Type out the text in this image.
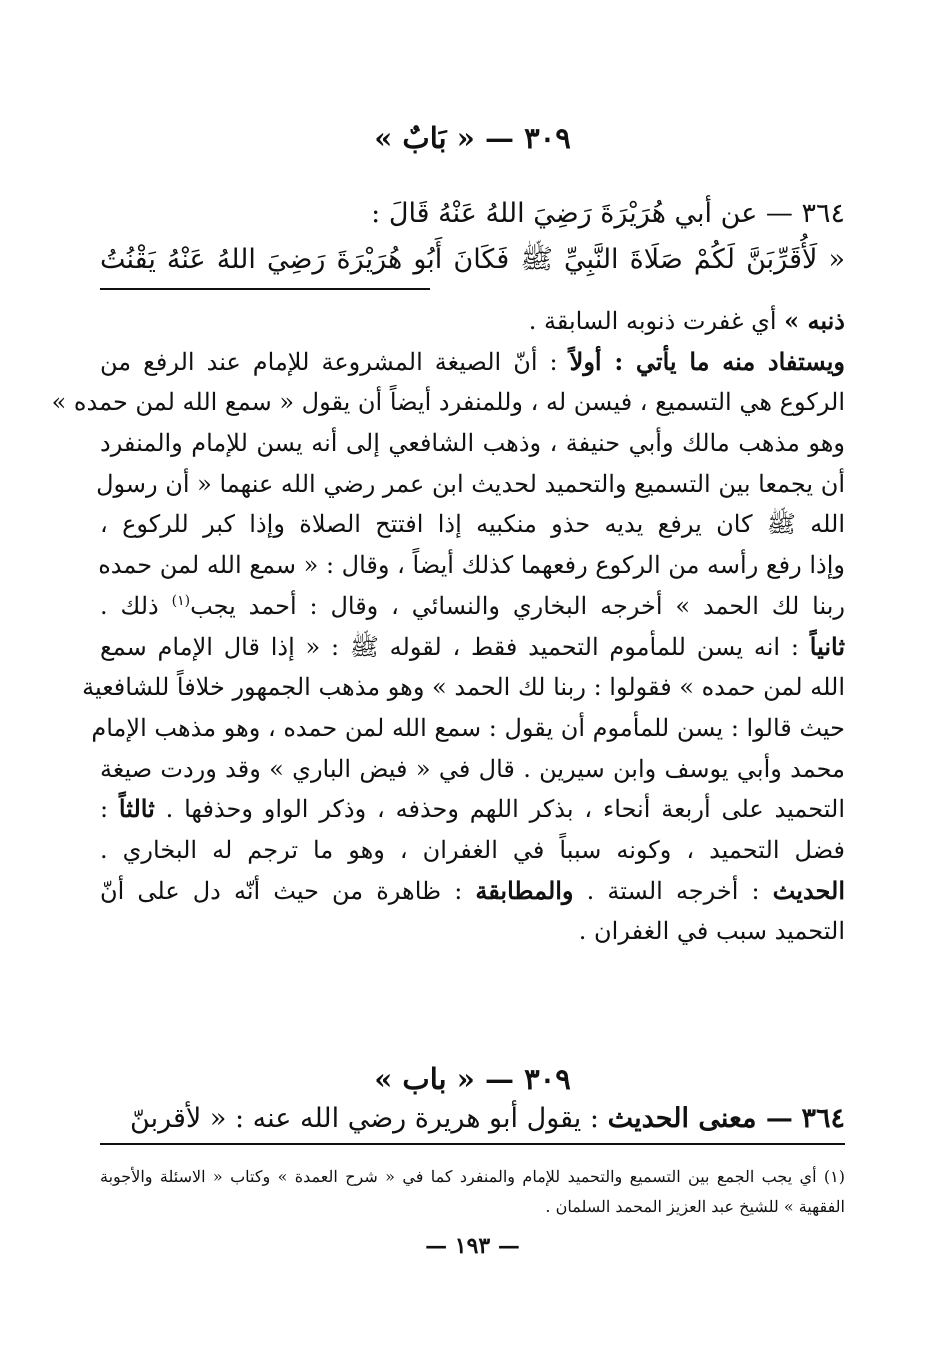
٣٠٩ — « بَابٌ »
٣٦٤ — عن أبي هُرَيْرَةَ رَضِيَ اللهُ عَنْهُ قَالَ :
« لَأُقَرِّبَنَّ لَكُمْ صَلَاةَ النَّبِيِّ ﷺ فَكَانَ أَبُو هُرَيْرَةَ رَضِيَ اللهُ عَنْهُ يَقْنُتُ
ذنبه » أي غفرت ذنوبه السابقة .
ويستفاد منه ما يأتي : أولاً : أنّ الصيغة المشروعة للإمام عند الرفع من
الركوع هي التسميع ، فيسن له ، وللمنفرد أيضاً أن يقول « سمع الله لمن حمده »
وهو مذهب مالك وأبي حنيفة ، وذهب الشافعي إلى أنه يسن للإمام والمنفرد
أن يجمعا بين التسميع والتحميد لحديث ابن عمر رضي الله عنهما « أن رسول
الله ﷺ كان يرفع يديه حذو منكبيه إذا افتتح الصلاة وإذا كبر للركوع ،
وإذا رفع رأسه من الركوع رفعهما كذلك أيضاً ، وقال : « سمع الله لمن حمده
ربنا لك الحمد » أخرجه البخاري والنسائي ، وقال : أحمد يجب$^{(١)}$ ذلك .
ثانياً : انه يسن للمأموم التحميد فقط ، لقوله ﷺ : « إذا قال الإمام سمع
الله لمن حمده » فقولوا : ربنا لك الحمد » وهو مذهب الجمهور خلافاً للشافعية
حيث قالوا : يسن للمأموم أن يقول : سمع الله لمن حمده ، وهو مذهب الإمام
محمد وأبي يوسف وابن سيرين . قال في « فيض الباري » وقد وردت صيغة
التحميد على أربعة أنحاء ، بذكر اللهم وحذفه ، وذكر الواو وحذفها . ثالثاً :
فضل التحميد ، وكونه سبباً في الغفران ، وهو ما ترجم له البخاري .
الحديث : أخرجه الستة . والمطابقة : ظاهرة من حيث أنّه دل على أنّ
التحميد سبب في الغفران .
٣٠٩ — « باب »
٣٦٤ — معنى الحديث : يقول أبو هريرة رضي الله عنه : « لأقربنّ
(١) أي يجب الجمع بين التسميع والتحميد للإمام والمنفرد كما في « شرح العمدة » وكتاب « الاسئلة والأجوبة
الفقهية » للشيخ عبد العزيز المحمد السلمان .
— ١٩٣ —
